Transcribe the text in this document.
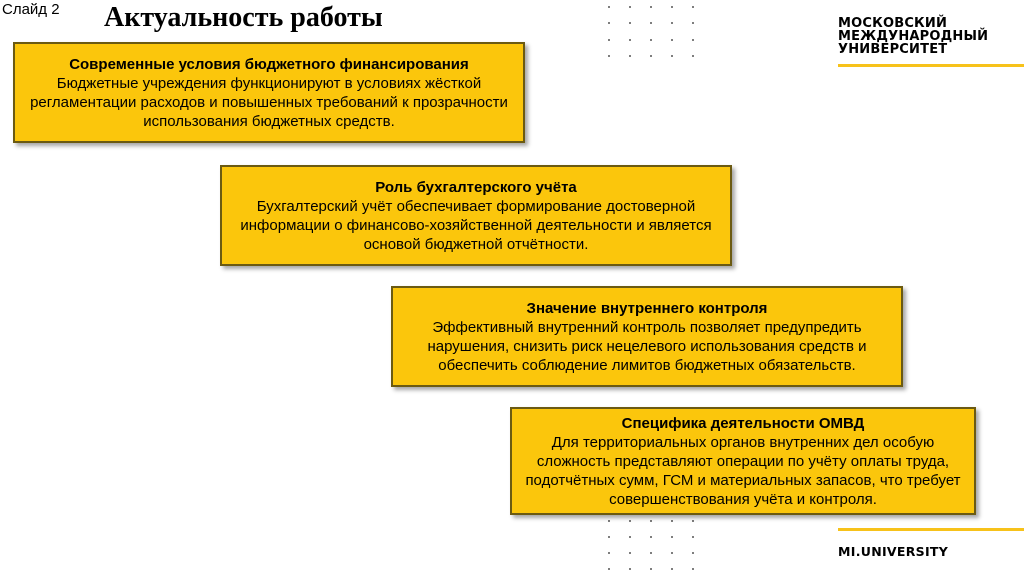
Слайд 2 Актуальность работы
Современные условия бюджетного финансирования
Бюджетные учреждения функционируют в условиях жёсткой регламентации расходов и повышенных требований к прозрачности использования бюджетных средств.
Роль бухгалтерского учёта
Бухгалтерский учёт обеспечивает формирование достоверной информации о финансово-хозяйственной деятельности и является основой бюджетной отчётности.
Значение внутреннего контроля
Эффективный внутренний контроль позволяет предупредить нарушения, снизить риск нецелевого использования средств и обеспечить соблюдение лимитов бюджетных обязательств.
Специфика деятельности ОМВД
Для территориальных органов внутренних дел особую сложность представляют операции по учёту оплаты труда, подотчётных сумм, ГСМ и материальных запасов, что требует совершенствования учёта и контроля.
МОСКОВСКИЙ
МЕЖДУНАРОДНЫЙ
УНИВЕРСИТЕТ
MI.UNIVERSITY
